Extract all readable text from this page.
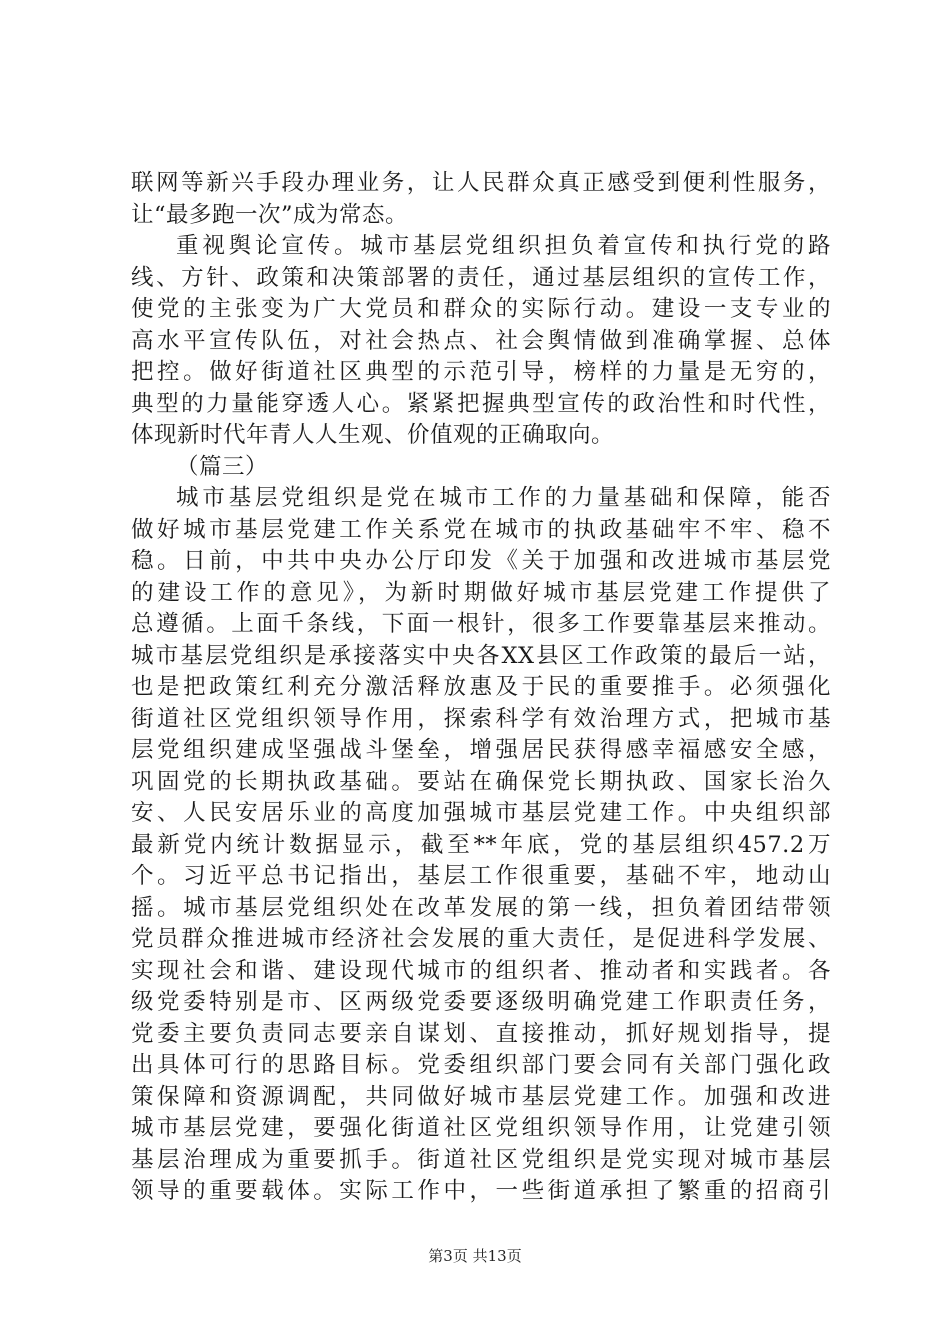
联网等新兴手段办理业务，让人民群众真正感受到便利性服务，
让“最多跑一次”成为常态。
重视舆论宣传。城市基层党组织担负着宣传和执行党的路
线、方针、政策和决策部署的责任，通过基层组织的宣传工作，
使党的主张变为广大党员和群众的实际行动。建设一支专业的
高水平宣传队伍，对社会热点、社会舆情做到准确掌握、总体
把控。做好街道社区典型的示范引导，榜样的力量是无穷的，
典型的力量能穿透人心。紧紧把握典型宣传的政治性和时代性，
体现新时代年青人人生观、价值观的正确取向。
（篇三）
城市基层党组织是党在城市工作的力量基础和保障，能否
做好城市基层党建工作关系党在城市的执政基础牢不牢、稳不
稳。日前，中共中央办公厅印发《关于加强和改进城市基层党
的建设工作的意见》，为新时期做好城市基层党建工作提供了
总遵循。上面千条线，下面一根针，很多工作要靠基层来推动。
城市基层党组织是承接落实中央各XX县区工作政策的最后一站，
也是把政策红利充分激活释放惠及于民的重要推手。必须强化
街道社区党组织领导作用，探索科学有效治理方式，把城市基
层党组织建成坚强战斗堡垒，增强居民获得感幸福感安全感，
巩固党的长期执政基础。要站在确保党长期执政、国家长治久
安、人民安居乐业的高度加强城市基层党建工作。中央组织部
最新党内统计数据显示，截至**年底，党的基层组织457.2万
个。习近平总书记指出，基层工作很重要，基础不牢，地动山
摇。城市基层党组织处在改革发展的第一线，担负着团结带领
党员群众推进城市经济社会发展的重大责任，是促进科学发展、
实现社会和谐、建设现代城市的组织者、推动者和实践者。各
级党委特别是市、区两级党委要逐级明确党建工作职责任务，
党委主要负责同志要亲自谋划、直接推动，抓好规划指导，提
出具体可行的思路目标。党委组织部门要会同有关部门强化政
策保障和资源调配，共同做好城市基层党建工作。加强和改进
城市基层党建，要强化街道社区党组织领导作用，让党建引领
基层治理成为重要抓手。街道社区党组织是党实现对城市基层
领导的重要载体。实际工作中，一些街道承担了繁重的招商引
第3页 共13页
